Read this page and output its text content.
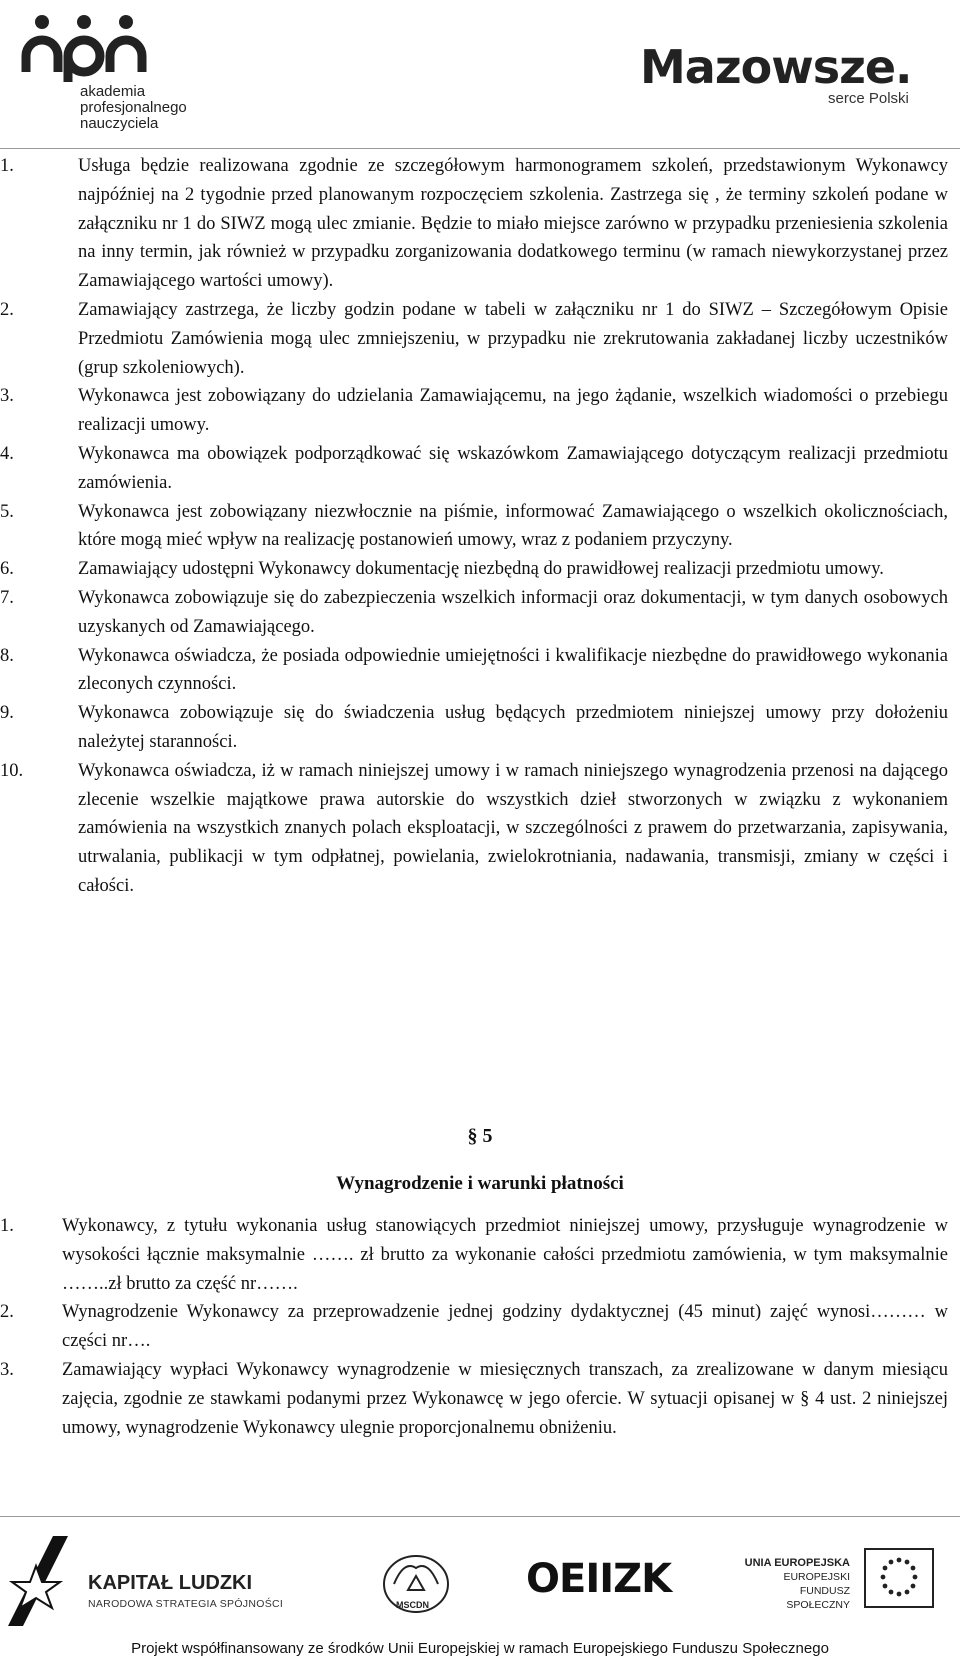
akademia
profesjonalnego
nauczyciela
Mazowsze.
serce Polski
1.	Usługa będzie realizowana zgodnie ze szczegółowym harmonogramem szkoleń, przedstawionym Wykonawcy najpóźniej na 2 tygodnie przed planowanym rozpoczęciem szkolenia. Zastrzega się , że terminy szkoleń podane w załączniku nr 1 do SIWZ mogą ulec zmianie. Będzie to miało miejsce zarówno w przypadku przeniesienia szkolenia na inny termin, jak również w przypadku zorganizowania dodatkowego terminu (w ramach niewykorzystanej przez Zamawiającego wartości umowy).
2.	Zamawiający zastrzega, że liczby godzin podane w tabeli w załączniku nr 1 do SIWZ – Szczegółowym Opisie Przedmiotu Zamówienia mogą ulec zmniejszeniu, w przypadku nie zrekrutowania zakładanej liczby uczestników (grup szkoleniowych).
3.	Wykonawca jest zobowiązany do udzielania Zamawiającemu, na jego żądanie, wszelkich wiadomości o przebiegu realizacji umowy.
4.	Wykonawca ma obowiązek podporządkować się wskazówkom Zamawiającego dotyczącym realizacji przedmiotu zamówienia.
5.	Wykonawca jest zobowiązany niezwłocznie na piśmie, informować Zamawiającego o wszelkich okolicznościach, które mogą mieć wpływ na realizację postanowień umowy, wraz z podaniem przyczyny.
6.	Zamawiający udostępni Wykonawcy dokumentację niezbędną do prawidłowej realizacji przedmiotu umowy.
7.	Wykonawca zobowiązuje się do zabezpieczenia wszelkich informacji oraz dokumentacji, w tym danych osobowych uzyskanych od Zamawiającego.
8.	Wykonawca oświadcza, że posiada odpowiednie umiejętności i kwalifikacje niezbędne do prawidłowego wykonania zleconych czynności.
9.	Wykonawca zobowiązuje się do świadczenia usług będących przedmiotem niniejszej umowy przy dołożeniu należytej staranności.
10.	Wykonawca oświadcza, iż w ramach niniejszej umowy i w ramach niniejszego wynagrodzenia przenosi na dającego zlecenie wszelkie majątkowe prawa autorskie do wszystkich dzieł stworzonych w związku z wykonaniem zamówienia na wszystkich znanych polach eksploatacji, w szczególności z prawem do przetwarzania, zapisywania, utrwalania, publikacji w tym odpłatnej, powielania, zwielokrotniania, nadawania, transmisji, zmiany w części i całości.
§ 5
Wynagrodzenie i warunki płatności
1.	Wykonawcy, z tytułu wykonania usług stanowiących przedmiot niniejszej umowy, przysługuje wynagrodzenie w wysokości łącznie maksymalnie ……. zł brutto za wykonanie całości przedmiotu zamówienia, w tym maksymalnie ……..zł brutto za część nr…….
2.	Wynagrodzenie Wykonawcy za przeprowadzenie jednej godziny dydaktycznej (45 minut) zajęć wynosi……… w części nr….
3.	Zamawiający wypłaci Wykonawcy wynagrodzenie w miesięcznych transzach, za zrealizowane w danym miesiącu zajęcia, zgodnie ze stawkami podanymi przez Wykonawcę w jego ofercie. W sytuacji opisanej w § 4 ust. 2 niniejszej umowy, wynagrodzenie Wykonawcy ulegnie proporcjonalnemu obniżeniu.
KAPITAŁ LUDZKI
NARODOWA STRATEGIA SPÓJNOŚCI	MSCDN
OEIIZK	UNIA EUROPEJSKA
EUROPEJSKI
FUNDUSZ SPOŁECZNY
Projekt współfinansowany ze środków Unii Europejskiej w ramach Europejskiego Funduszu Społecznego
